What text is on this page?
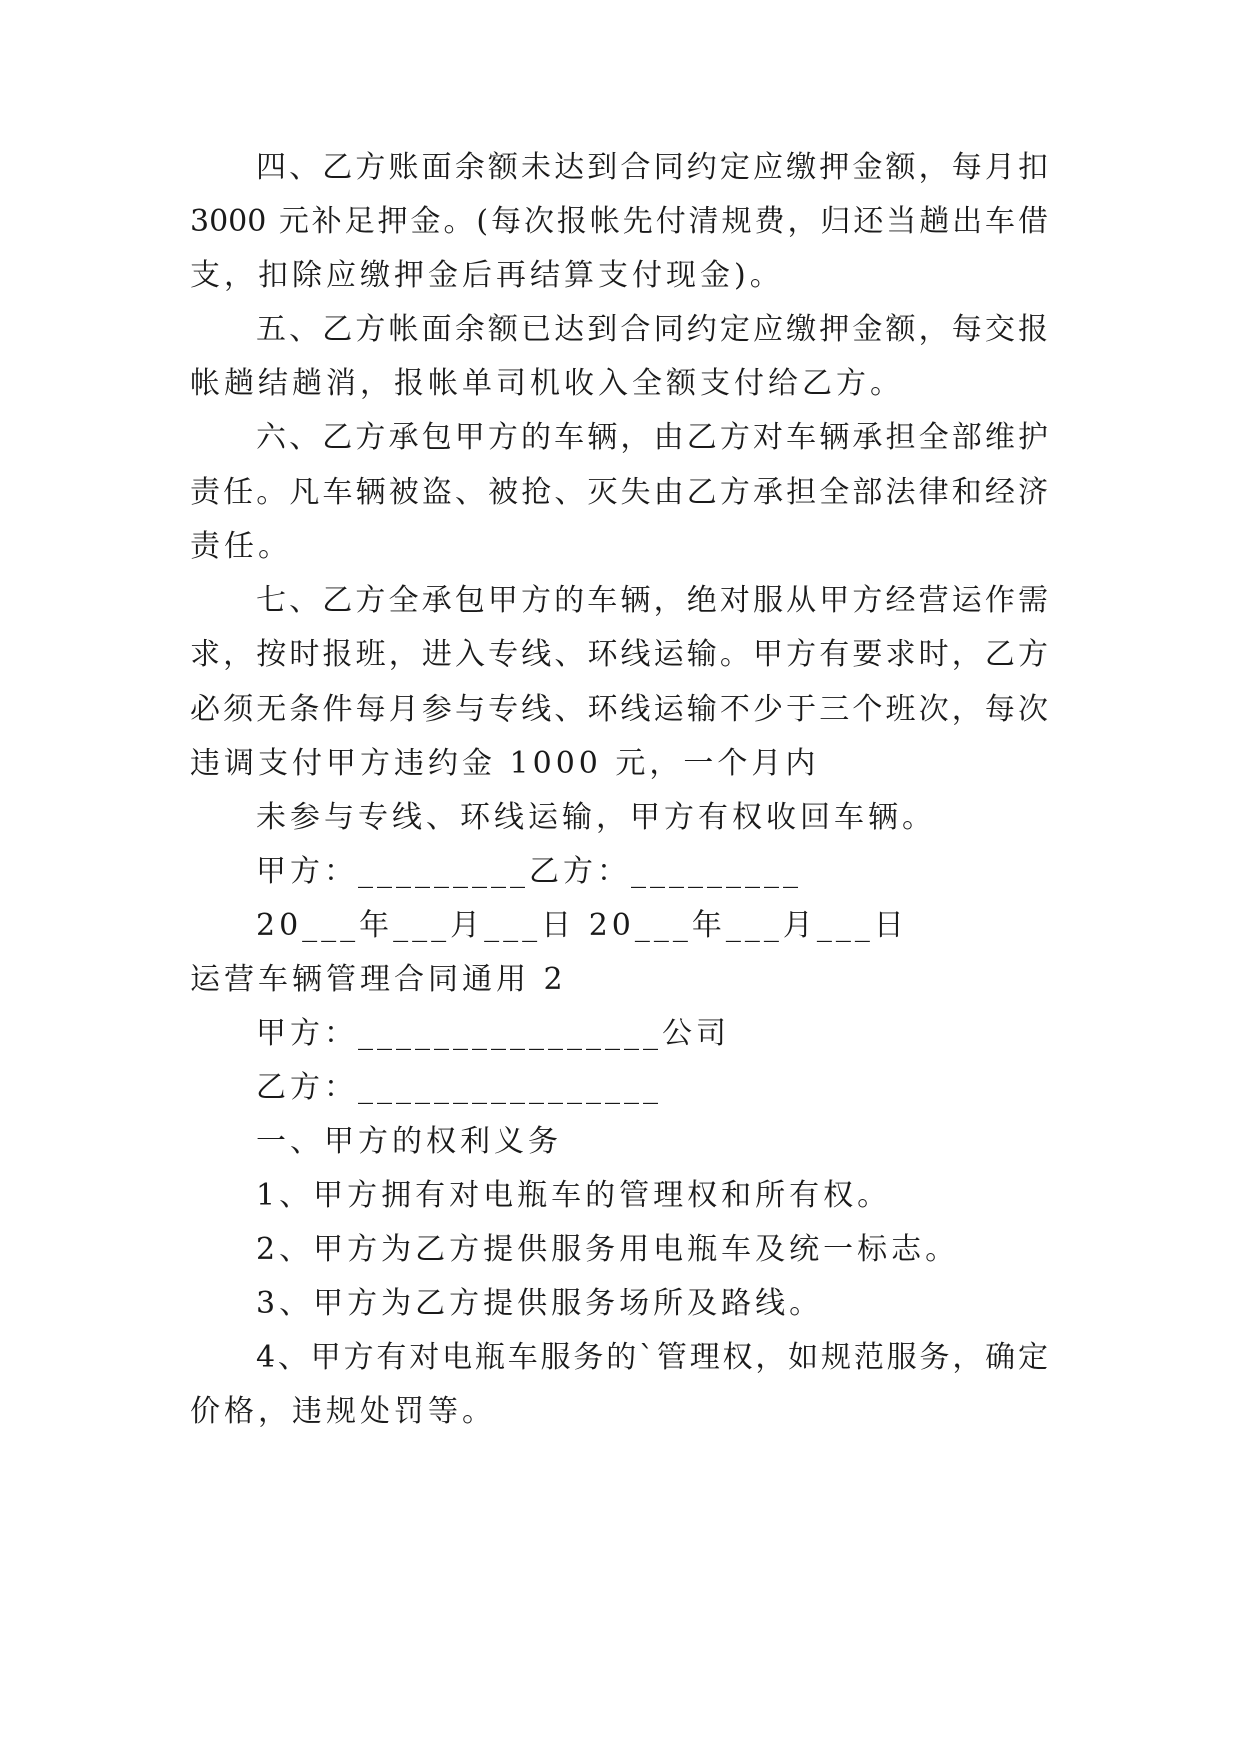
四、乙方账面余额未达到合同约定应缴押金额，每月扣
3000 元补足押金。(每次报帐先付清规费，归还当趟出车借
支，扣除应缴押金后再结算支付现金)。
五、乙方帐面余额已达到合同约定应缴押金额，每交报
帐趟结趟消，报帐单司机收入全额支付给乙方。
六、乙方承包甲方的车辆，由乙方对车辆承担全部维护
责任。凡车辆被盗、被抢、灭失由乙方承担全部法律和经济
责任。
七、乙方全承包甲方的车辆，绝对服从甲方经营运作需
求，按时报班，进入专线、环线运输。甲方有要求时，乙方
必须无条件每月参与专线、环线运输不少于三个班次，每次
违调支付甲方违约金 1000 元，一个月内
未参与专线、环线运输，甲方有权收回车辆。
甲方：_________乙方：_________
20___年___月___日 20___年___月___日
运营车辆管理合同通用 2
甲方：________________公司
乙方：________________
一、甲方的权利义务
1、甲方拥有对电瓶车的管理权和所有权。
2、甲方为乙方提供服务用电瓶车及统一标志。
3、甲方为乙方提供服务场所及路线。
4、甲方有对电瓶车服务的`管理权，如规范服务，确定
价格，违规处罚等。
